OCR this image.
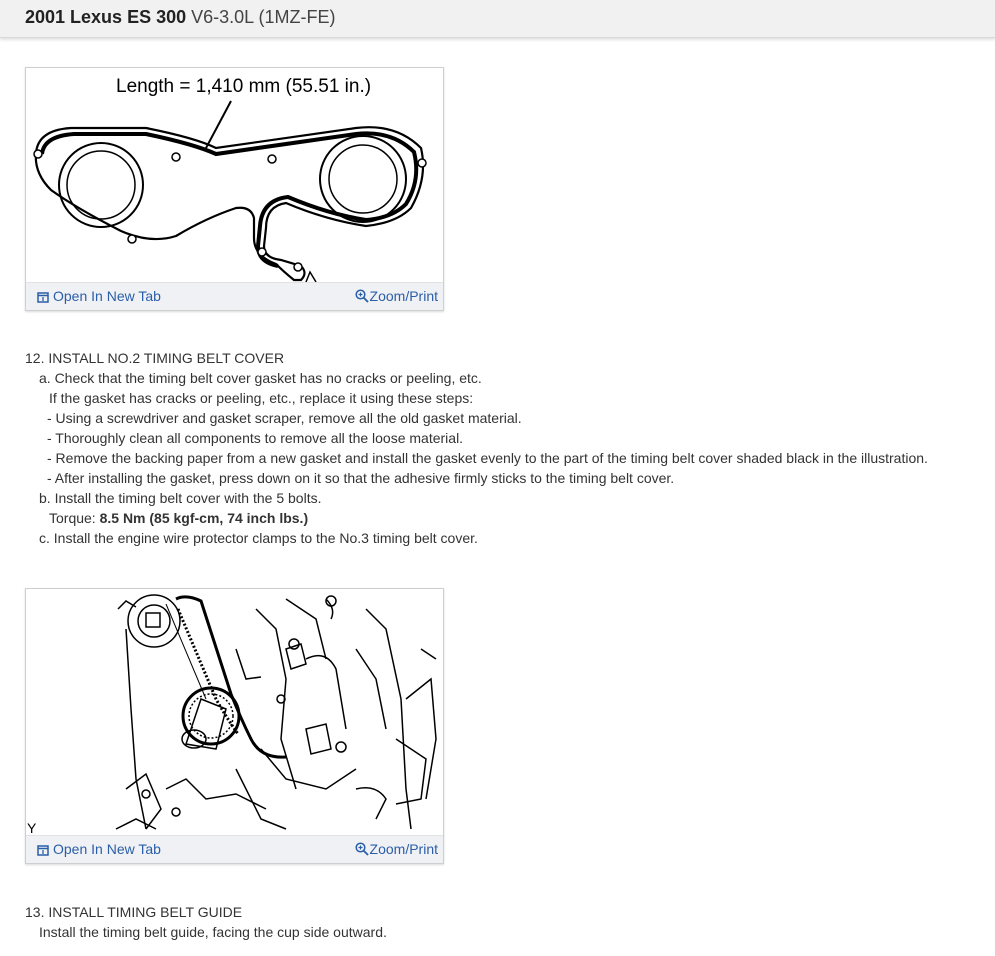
2001 Lexus ES 300 V6-3.0L (1MZ-FE)
Length = 1,410 mm (55.51 in.)
Open In New Tab	Zoom/Print
12. INSTALL NO.2 TIMING BELT COVER
a. Check that the timing belt cover gasket has no cracks or peeling, etc.
If the gasket has cracks or peeling, etc., replace it using these steps:
- Using a screwdriver and gasket scraper, remove all the old gasket material.
- Thoroughly clean all components to remove all the loose material.
- Remove the backing paper from a new gasket and install the gasket evenly to the part of the timing belt cover shaded black in the illustration.
- After installing the gasket, press down on it so that the adhesive firmly sticks to the timing belt cover.
b. Install the timing belt cover with the 5 bolts.
Torque: 8.5 Nm (85 kgf-cm, 74 inch lbs.)
c. Install the engine wire protector clamps to the No.3 timing belt cover.
Y
Open In New Tab	Zoom/Print
13. INSTALL TIMING BELT GUIDE
Install the timing belt guide, facing the cup side outward.
